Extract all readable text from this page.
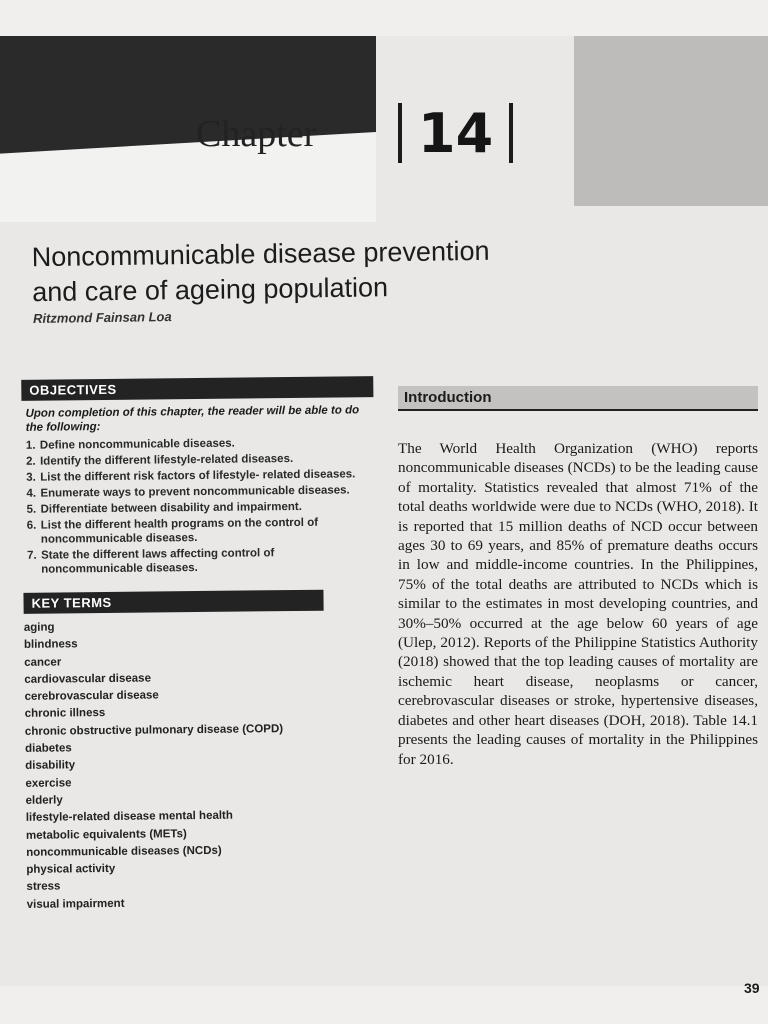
Chapter 14
Noncommunicable disease prevention
and care of ageing population
Ritzmond Fainsan Loa
OBJECTIVES
Upon completion of this chapter, the reader will be able to do the following:
1. Define noncommunicable diseases.
2. Identify the different lifestyle-related diseases.
3. List the different risk factors of lifestyle- related diseases.
4. Enumerate ways to prevent noncommunicable diseases.
5. Differentiate between disability and impairment.
6. List the different health programs on the control of noncommunicable diseases.
7. State the different laws affecting control of noncommunicable diseases.
KEY TERMS
aging
blindness
cancer
cardiovascular disease
cerebrovascular disease
chronic illness
chronic obstructive pulmonary disease (COPD)
diabetes
disability
exercise
elderly
lifestyle-related disease mental health
metabolic equivalents (METs)
noncommunicable diseases (NCDs)
physical activity
stress
visual impairment
Introduction
The World Health Organization (WHO) reports noncommunicable diseases (NCDs) to be the leading cause of mortality. Statistics revealed that almost 71% of the total deaths worldwide were due to NCDs (WHO, 2018). It is reported that 15 million deaths of NCD occur between ages 30 to 69 years, and 85% of premature deaths occurs in low and middle-income countries. In the Philippines, 75% of the total deaths are attributed to NCDs which is similar to the estimates in most developing countries, and 30%–50% occurred at the age below 60 years of age (Ulep, 2012). Reports of the Philippine Statistics Authority (2018) showed that the top leading causes of mortality are ischemic heart disease, neoplasms or cancer, cerebrovascular diseases or stroke, hypertensive diseases, diabetes and other heart diseases (DOH, 2018). Table 14.1 presents the leading causes of mortality in the Philippines for 2016.
39
